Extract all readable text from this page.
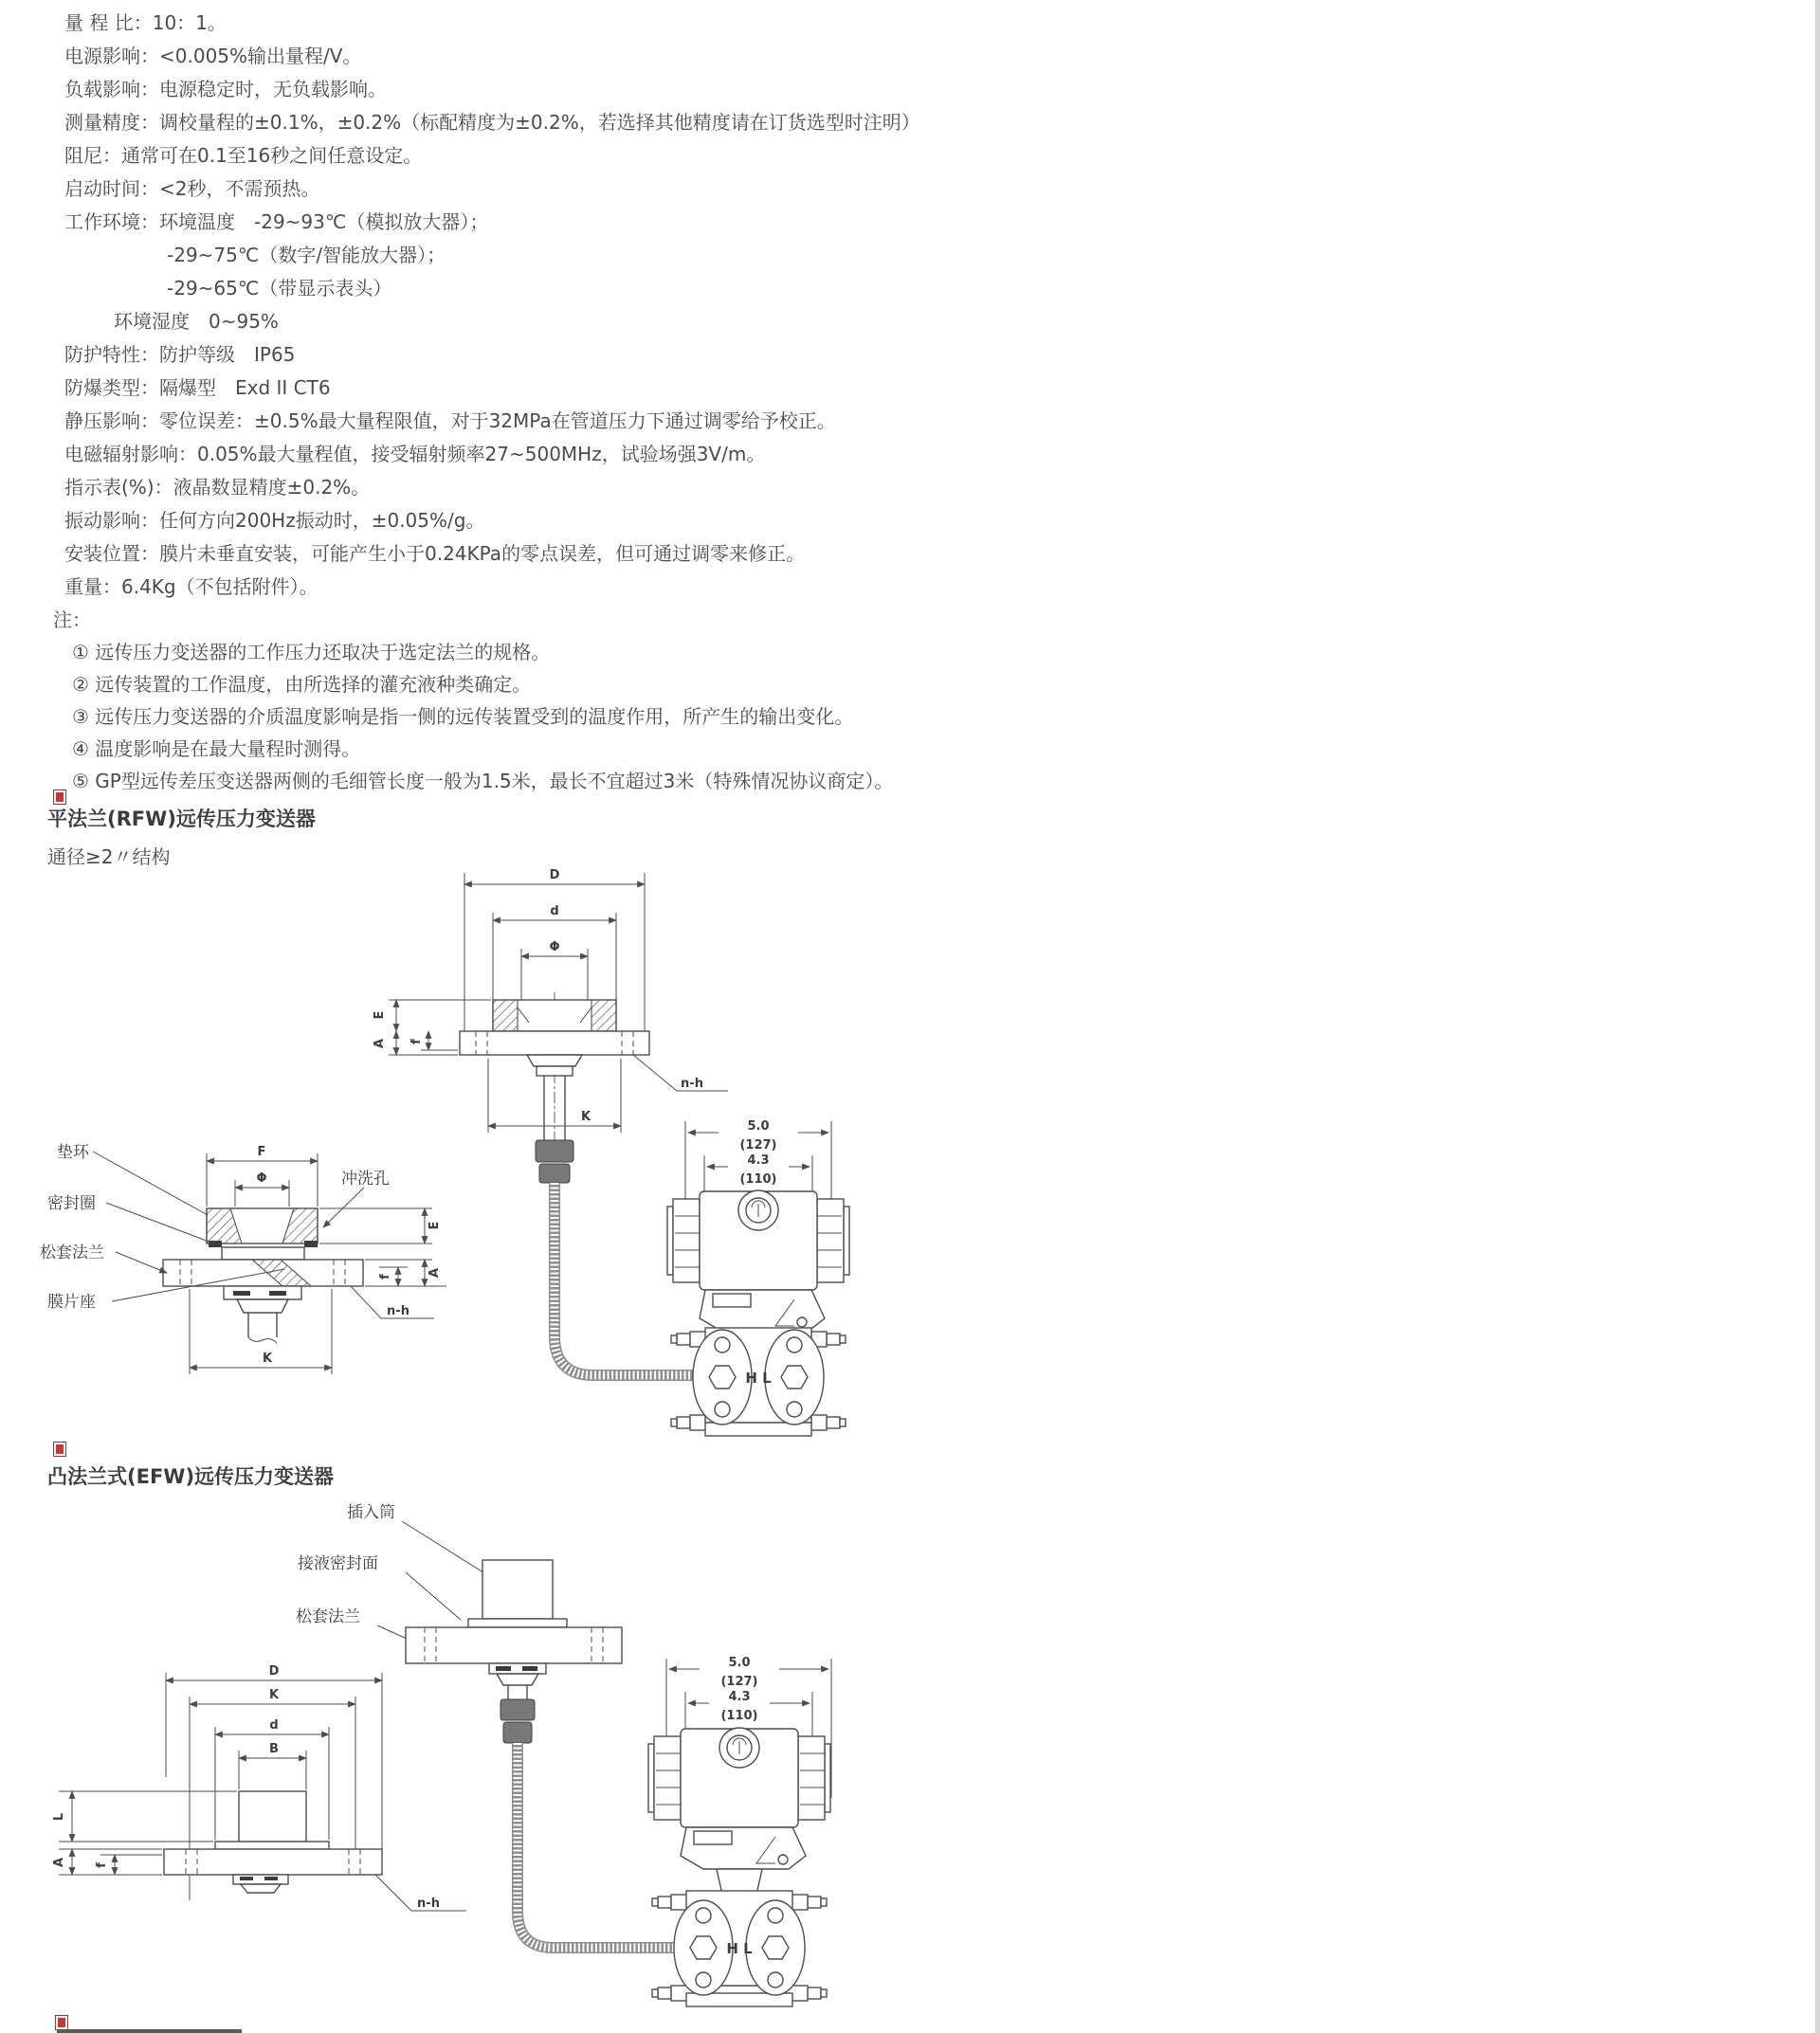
量 程 比：10：1。
电源影响：<0.005%输出量程/V。
负载影响：电源稳定时，无负载影响。
测量精度：调校量程的±0.1%，±0.2%（标配精度为±0.2%，若选择其他精度请在订货选型时注明）
阻尼：通常可在0.1至16秒之间任意设定。
启动时间：<2秒，不需预热。
工作环境：环境温度　-29~93℃（模拟放大器）；
-29~75℃（数字/智能放大器）；
-29~65℃（带显示表头）
环境湿度　0~95%
防护特性：防护等级　IP65
防爆类型：隔爆型　Exd II CT6
静压影响：零位误差：±0.5%最大量程限值，对于32MPa在管道压力下通过调零给予校正。
电磁辐射影响：0.05%最大量程值，接受辐射频率27~500MHz，试验场强3V/m。
指示表(%)：液晶数显精度±0.2%。
振动影响：任何方向200Hz振动时，±0.05%/g。
安装位置：膜片未垂直安装，可能产生小于0.24KPa的零点误差，但可通过调零来修正。
重量：6.4Kg（不包括附件）。
注：
① 远传压力变送器的工作压力还取决于选定法兰的规格。
② 远传装置的工作温度，由所选择的灌充液种类确定。
③ 远传压力变送器的介质温度影响是指一侧的远传装置受到的温度作用，所产生的输出变化。
④ 温度影响是在最大量程时测得。
⑤ GP型远传差压变送器两侧的毛细管长度一般为1.5米，最长不宜超过3米（特殊情况协议商定）。
平法兰(RFW)远传压力变送器
通径≥2〃结构
D
d
Φ
E
A f
n-h
K
5.0
(127)
4.3
(110)
H L
F
Φ
E
A
f
n-h
K
垫环
密封圈
松套法兰
膜片座
冲洗孔
凸法兰式(EFW)远传压力变送器
插入筒
接液密封面
松套法兰
D
K
d
B
L
A f
n-h
5.0
(127)
4.3
(110)
H L
